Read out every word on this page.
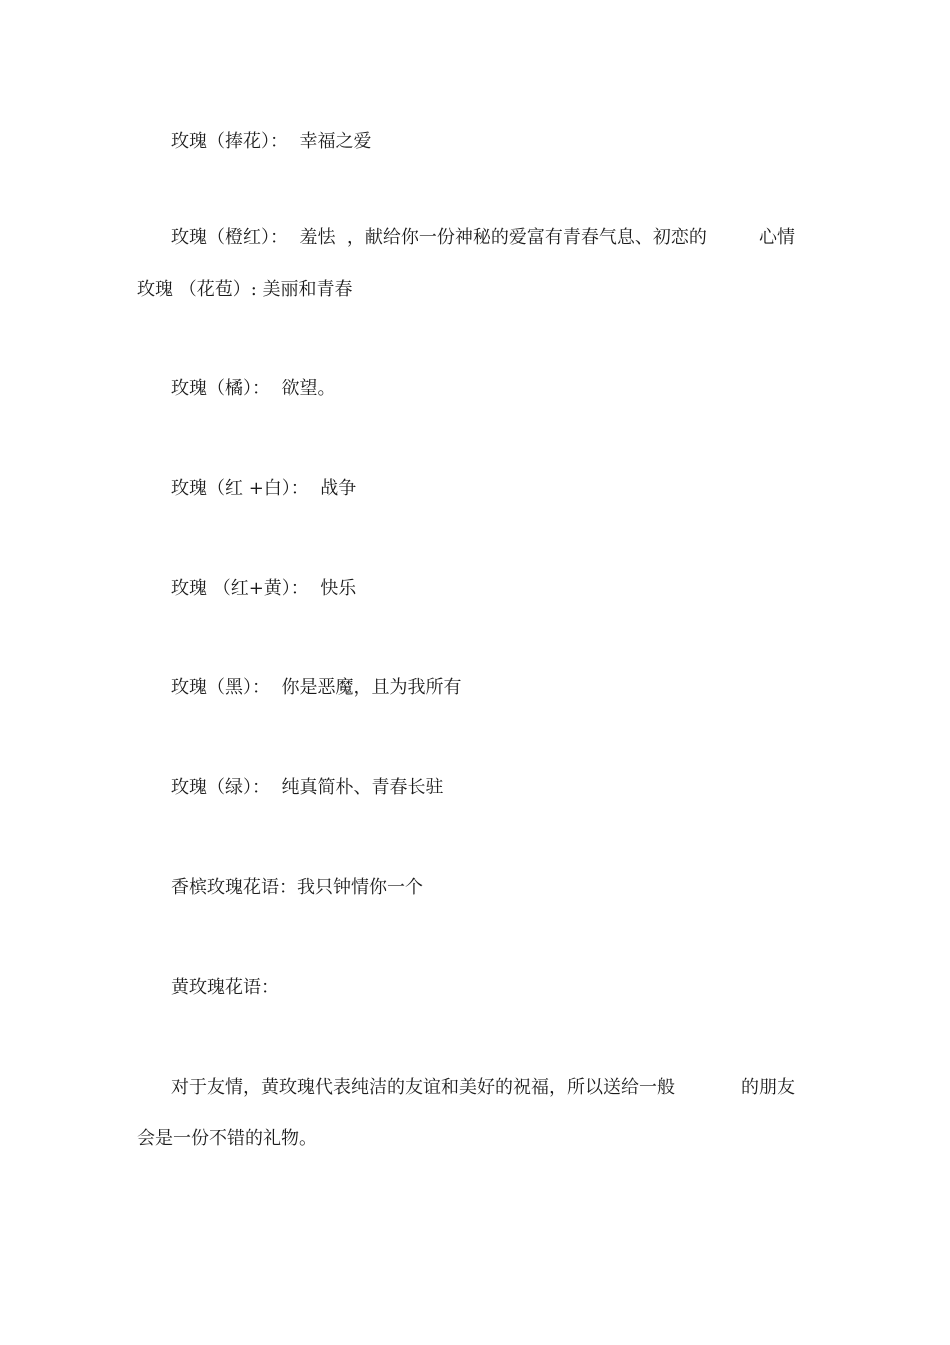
玫瑰（捧花）：  幸福之爱
玫瑰（橙红）：  羞怯  ，献给你一份神秘的爱富有青春气息、初恋的	心情
玫瑰 （花苞）: 美丽和青春
玫瑰（橘）：  欲望。
玫瑰（红 +白）：  战争
玫瑰 （红+黄）：  快乐
玫瑰（黑）：  你是恶魔，且为我所有
玫瑰（绿）：  纯真简朴、青春长驻
香槟玫瑰花语：我只钟情你一个
黄玫瑰花语：
对于友情，黄玫瑰代表纯洁的友谊和美好的祝福，所以送给一般	的朋友
会是一份不错的礼物。
